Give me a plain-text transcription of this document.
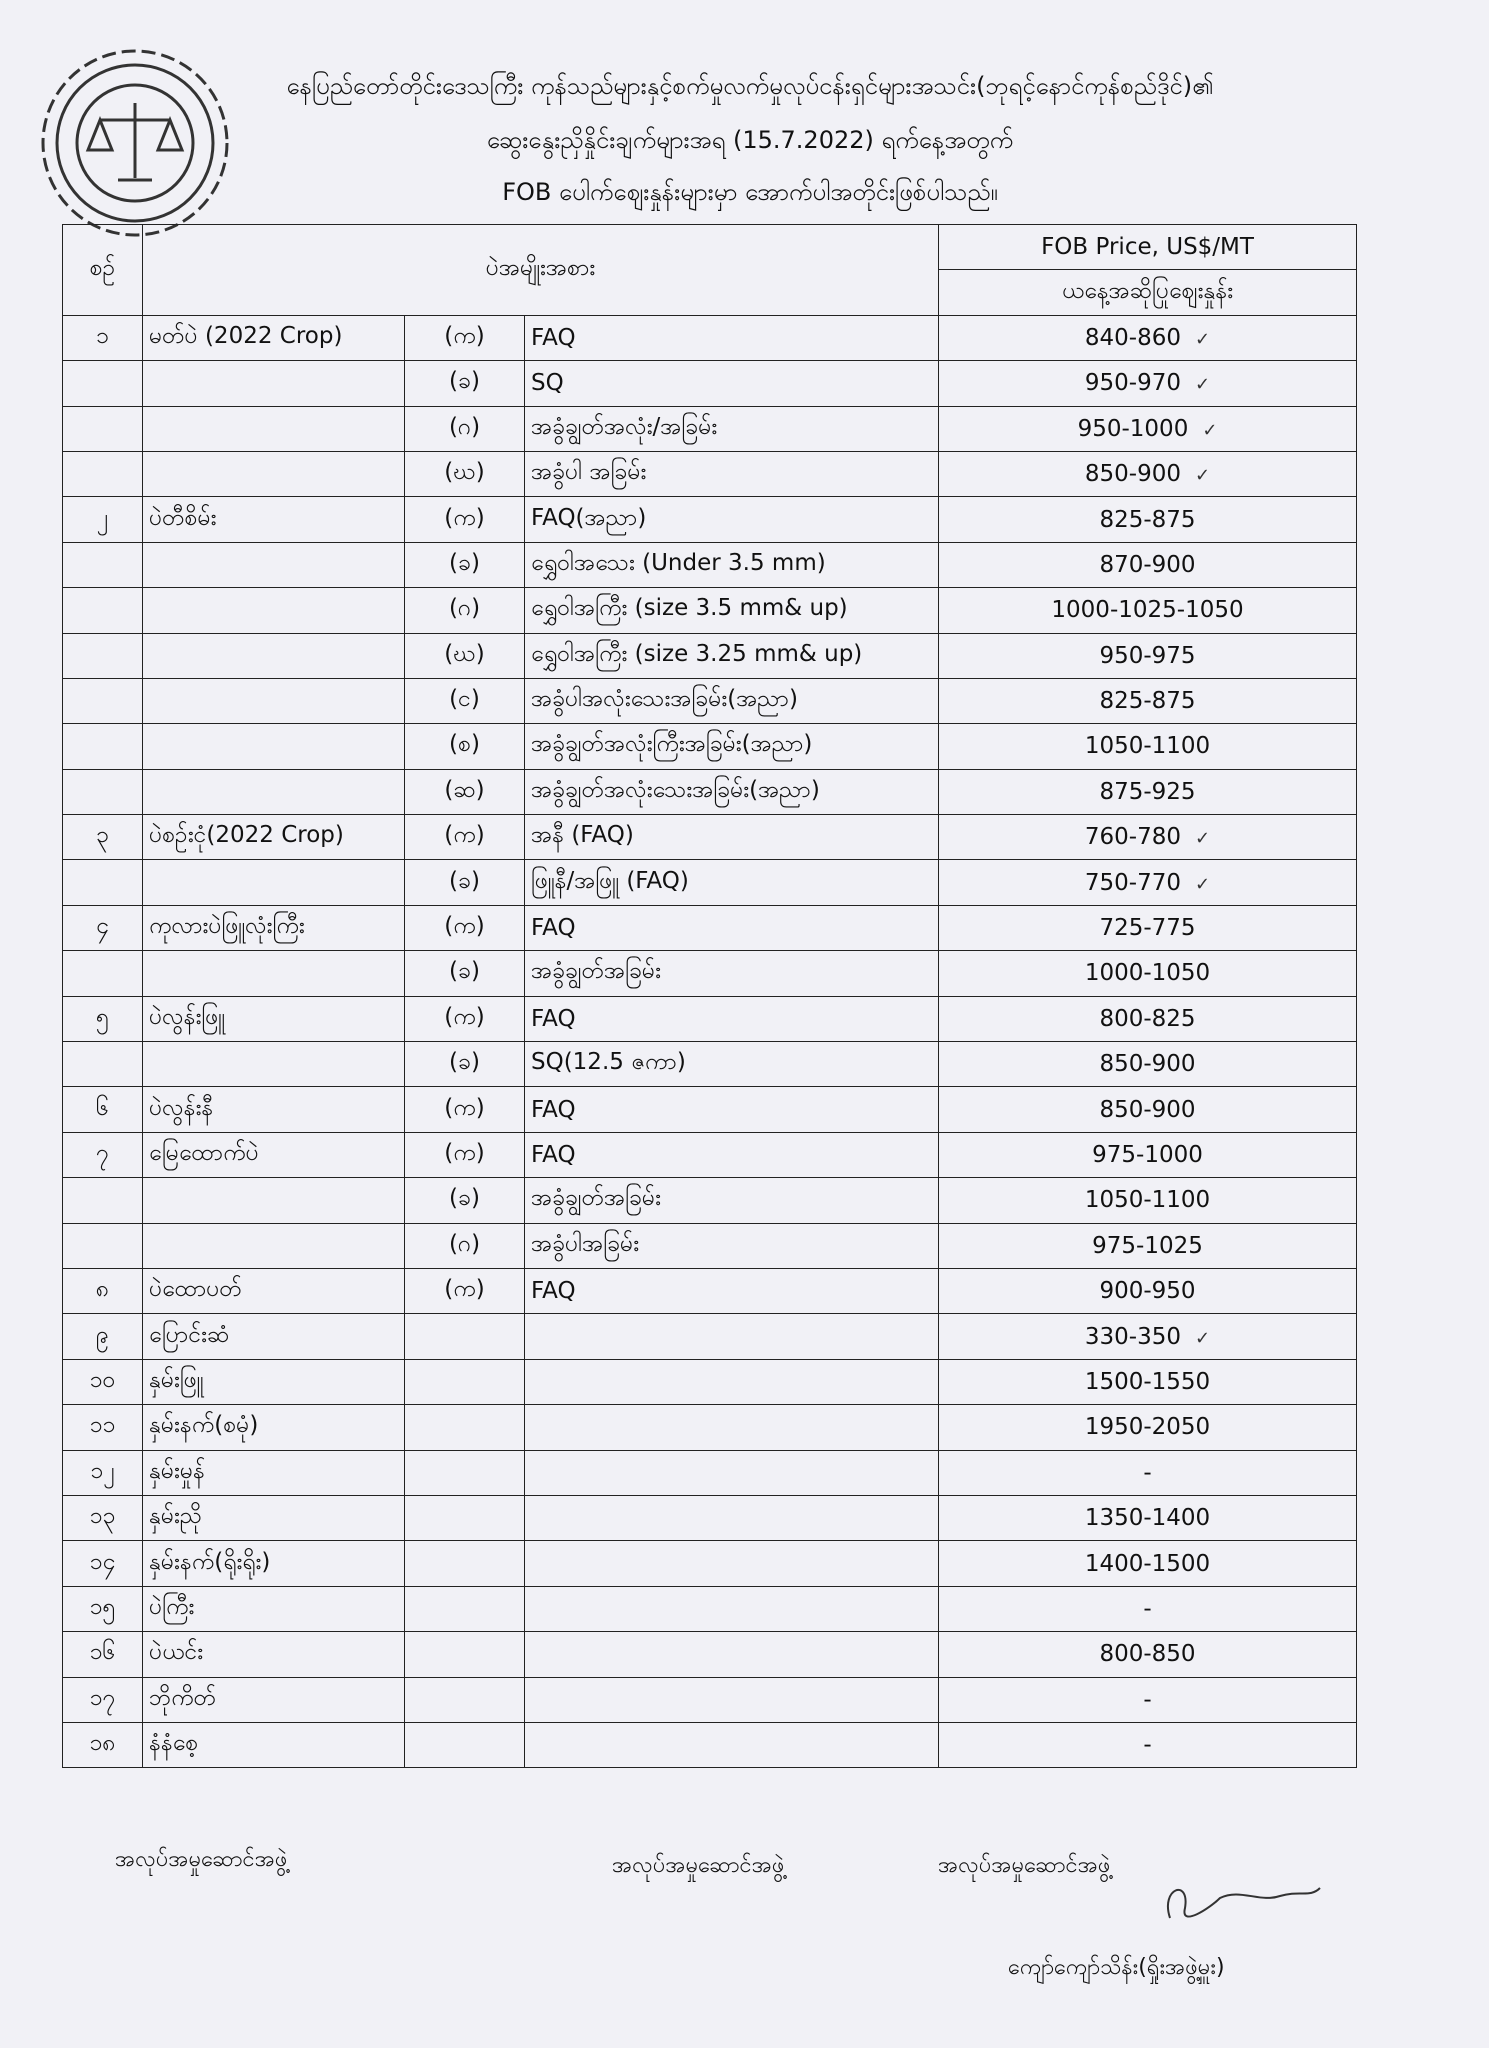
နေပြည်တော်တိုင်းဒေသကြီး ကုန်သည်များနှင့်စက်မှုလက်မှုလုပ်ငန်းရှင်များအသင်း(ဘုရင့်နောင်ကုန်စည်ဒိုင်)၏
ဆွေးနွေးညှိနှိုင်းချက်များအရ (15.7.2022) ရက်နေ့အတွက်
FOB ပေါက်ဈေးနှုန်းများမှာ အောက်ပါအတိုင်းဖြစ်ပါသည်။
စဉ်	ပဲအမျိုးအစား			FOB Price, US$/MT
				ယနေ့အဆိုပြုဈေးနှုန်း
၁	မတ်ပဲ (2022 Crop)	(က)	FAQ	840-860 ✓
		(ခ)	SQ	950-970 ✓
		(ဂ)	အခွံချွတ်အလုံး/အခြမ်း	950-1000 ✓
		(ဃ)	အခွံပါ အခြမ်း	850-900 ✓
၂	ပဲတီစိမ်း	(က)	FAQ(အညာ)	825-875
		(ခ)	ရွှေဝါအသေး (Under 3.5 mm)	870-900
		(ဂ)	ရွှေဝါအကြီး (size 3.5 mm& up)	1000-1025-1050
		(ဃ)	ရွှေဝါအကြီး (size 3.25 mm& up)	950-975
		(င)	အခွံပါအလုံးသေးအခြမ်း(အညာ)	825-875
		(စ)	အခွံချွတ်အလုံးကြီးအခြမ်း(အညာ)	1050-1100
		(ဆ)	အခွံချွတ်အလုံးသေးအခြမ်း(အညာ)	875-925
၃	ပဲစဉ်းငုံ(2022 Crop)	(က)	အနီ (FAQ)	760-780 ✓
		(ခ)	ဖြူနီ/အဖြူ (FAQ)	750-770 ✓
၄	ကုလားပဲဖြူလုံးကြီး	(က)	FAQ	725-775
		(ခ)	အခွံချွတ်အခြမ်း	1000-1050
၅	ပဲလွန်းဖြူ	(က)	FAQ	800-825
		(ခ)	SQ(12.5 ဇကာ)	850-900
၆	ပဲလွန်းနီ	(က)	FAQ	850-900
၇	မြေထောက်ပဲ	(က)	FAQ	975-1000
		(ခ)	အခွံချွတ်အခြမ်း	1050-1100
		(ဂ)	အခွံပါအခြမ်း	975-1025
၈	ပဲထောပတ်	(က)	FAQ	900-950
၉	ပြောင်းဆံ			330-350 ✓
၁၀	နှမ်းဖြူ			1500-1550
၁၁	နှမ်းနက်(စမုံ)			1950-2050
၁၂	နှမ်းမှုန်			-
၁၃	နှမ်းညို			1350-1400
၁၄	နှမ်းနက်(ရိုးရိုး)			1400-1500
၁၅	ပဲကြီး			-
၁၆	ပဲယင်း			800-850
၁၇	ဘိုကိတ်			-
၁၈	နံနံစေ့			-
အလုပ်အမှုဆောင်အဖွဲ့	အလုပ်အမှုဆောင်အဖွဲ့	အလုပ်အမှုဆောင်အဖွဲ့
ကျော်ကျော်သိန်း(ရှိုးအဖွဲ့မှူး)
